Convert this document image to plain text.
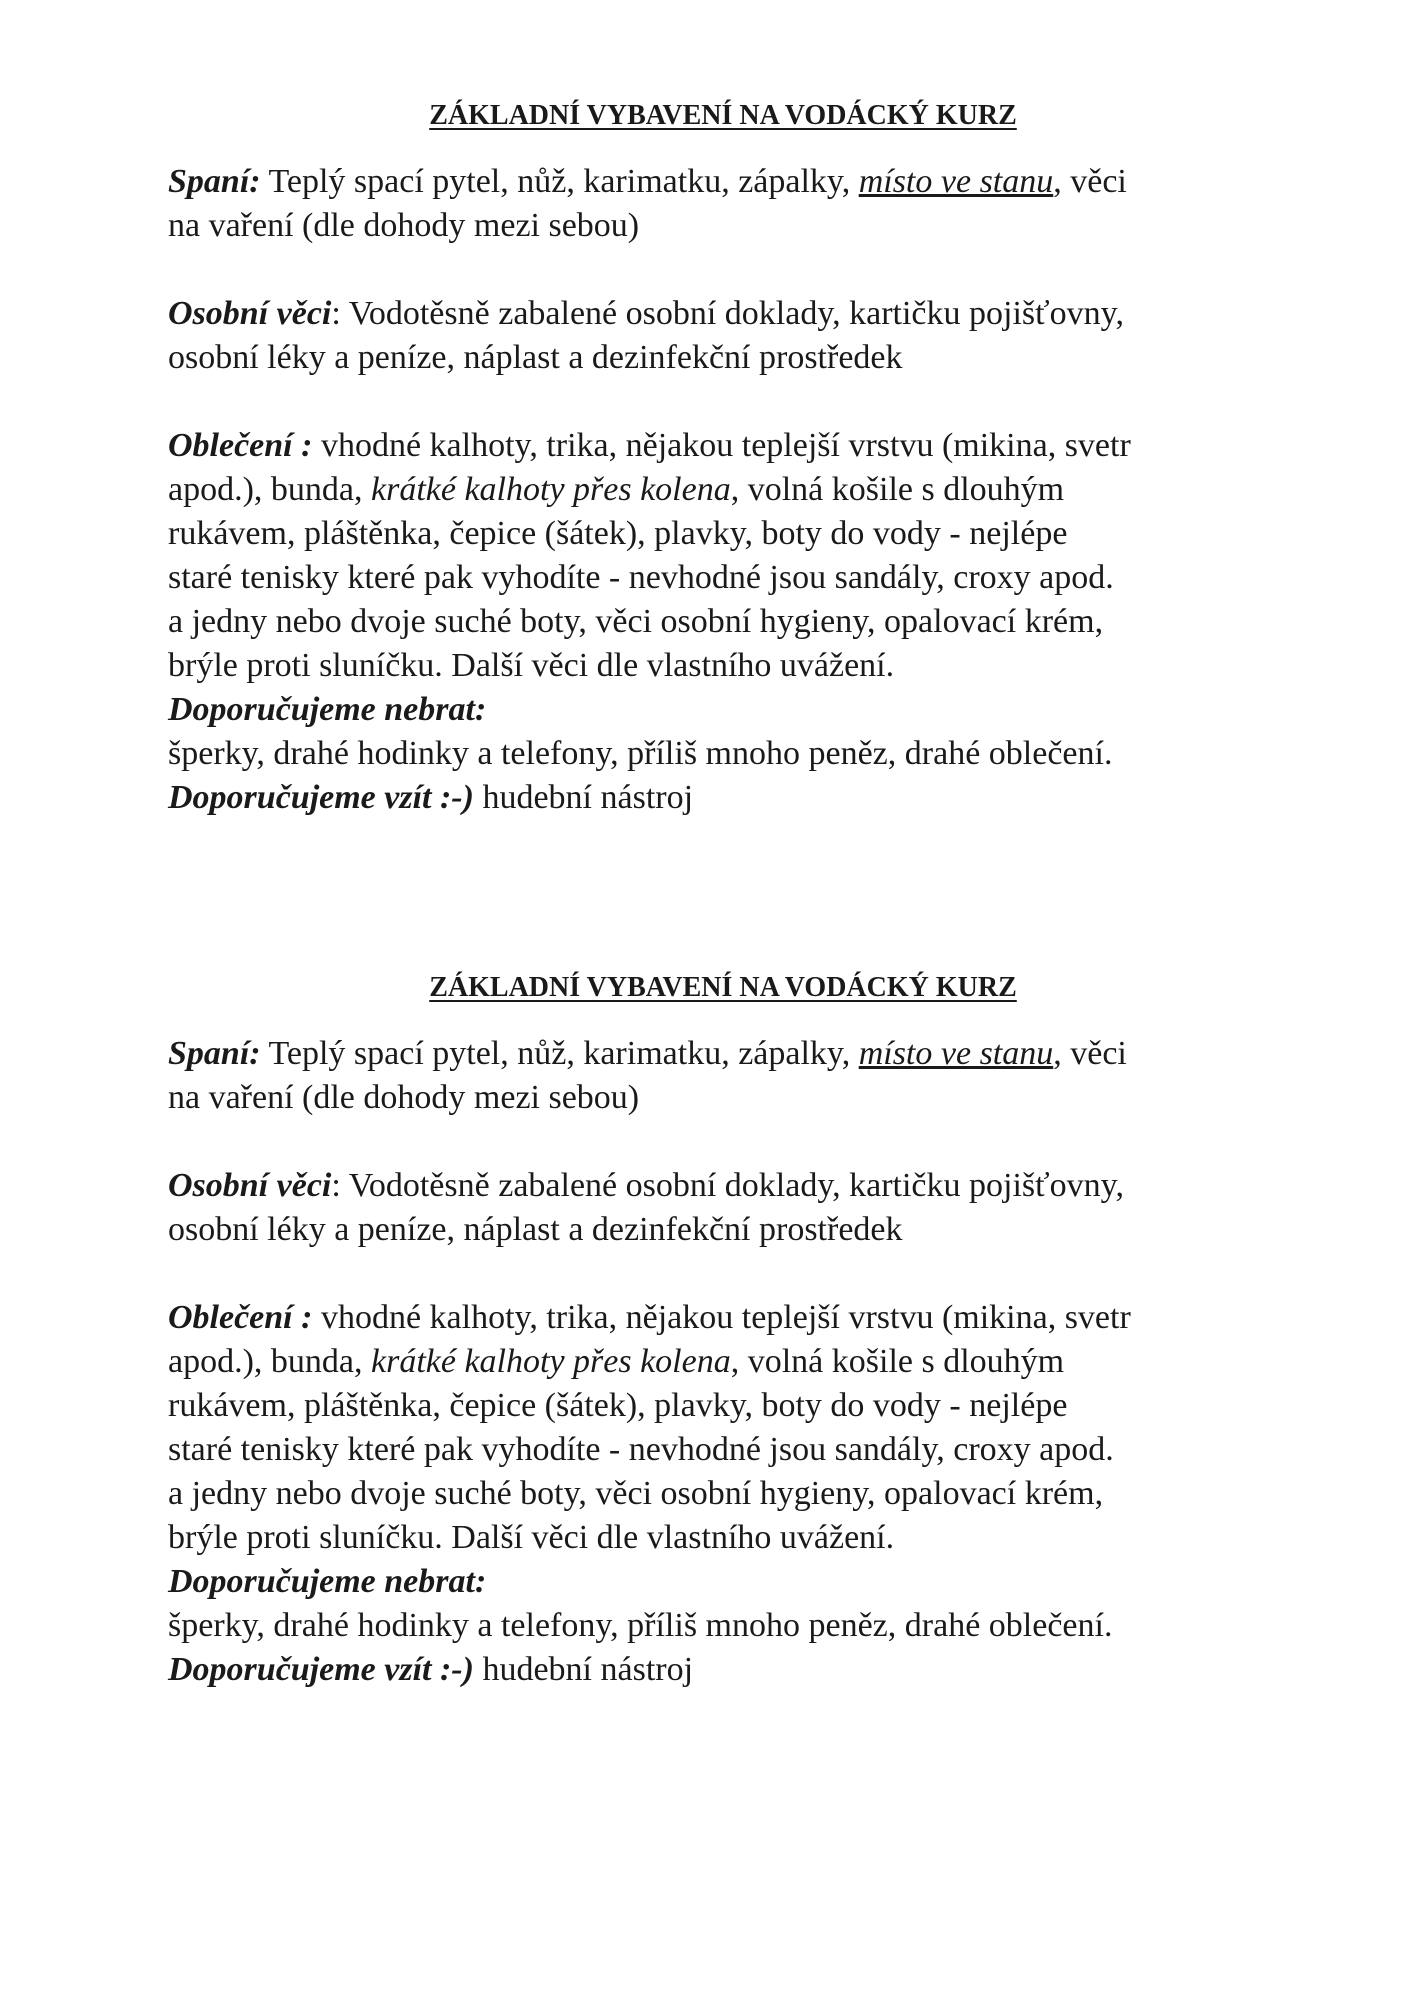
ZÁKLADNÍ VYBAVENÍ NA VODÁCKÝ KURZ

Spaní: Teplý spací pytel, nůž, karimatku, zápalky, místo ve stanu, věci
na vaření (dle dohody mezi sebou)

Osobní věci: Vodotěsně zabalené osobní doklady, kartičku pojišťovny,
osobní léky a peníze, náplast a dezinfekční prostředek

Oblečení : vhodné kalhoty, trika, nějakou teplejší vrstvu (mikina, svetr
apod.), bunda, krátké kalhoty přes kolena, volná košile s dlouhým
rukávem, pláštěnka, čepice (šátek), plavky, boty do vody - nejlépe
staré tenisky které pak vyhodíte - nevhodné jsou sandály, croxy apod.
a jedny nebo dvoje suché boty, věci osobní hygieny, opalovací krém,
brýle proti sluníčku. Další věci dle vlastního uvážení.
Doporučujeme nebrat:
šperky, drahé hodinky a telefony, příliš mnoho peněz, drahé oblečení.
Doporučujeme vzít :-) hudební nástroj

ZÁKLADNÍ VYBAVENÍ NA VODÁCKÝ KURZ

Spaní: Teplý spací pytel, nůž, karimatku, zápalky, místo ve stanu, věci
na vaření (dle dohody mezi sebou)

Osobní věci: Vodotěsně zabalené osobní doklady, kartičku pojišťovny,
osobní léky a peníze, náplast a dezinfekční prostředek

Oblečení : vhodné kalhoty, trika, nějakou teplejší vrstvu (mikina, svetr
apod.), bunda, krátké kalhoty přes kolena, volná košile s dlouhým
rukávem, pláštěnka, čepice (šátek), plavky, boty do vody - nejlépe
staré tenisky které pak vyhodíte - nevhodné jsou sandály, croxy apod.
a jedny nebo dvoje suché boty, věci osobní hygieny, opalovací krém,
brýle proti sluníčku. Další věci dle vlastního uvážení.
Doporučujeme nebrat:
šperky, drahé hodinky a telefony, příliš mnoho peněz, drahé oblečení.
Doporučujeme vzít :-) hudební nástroj
